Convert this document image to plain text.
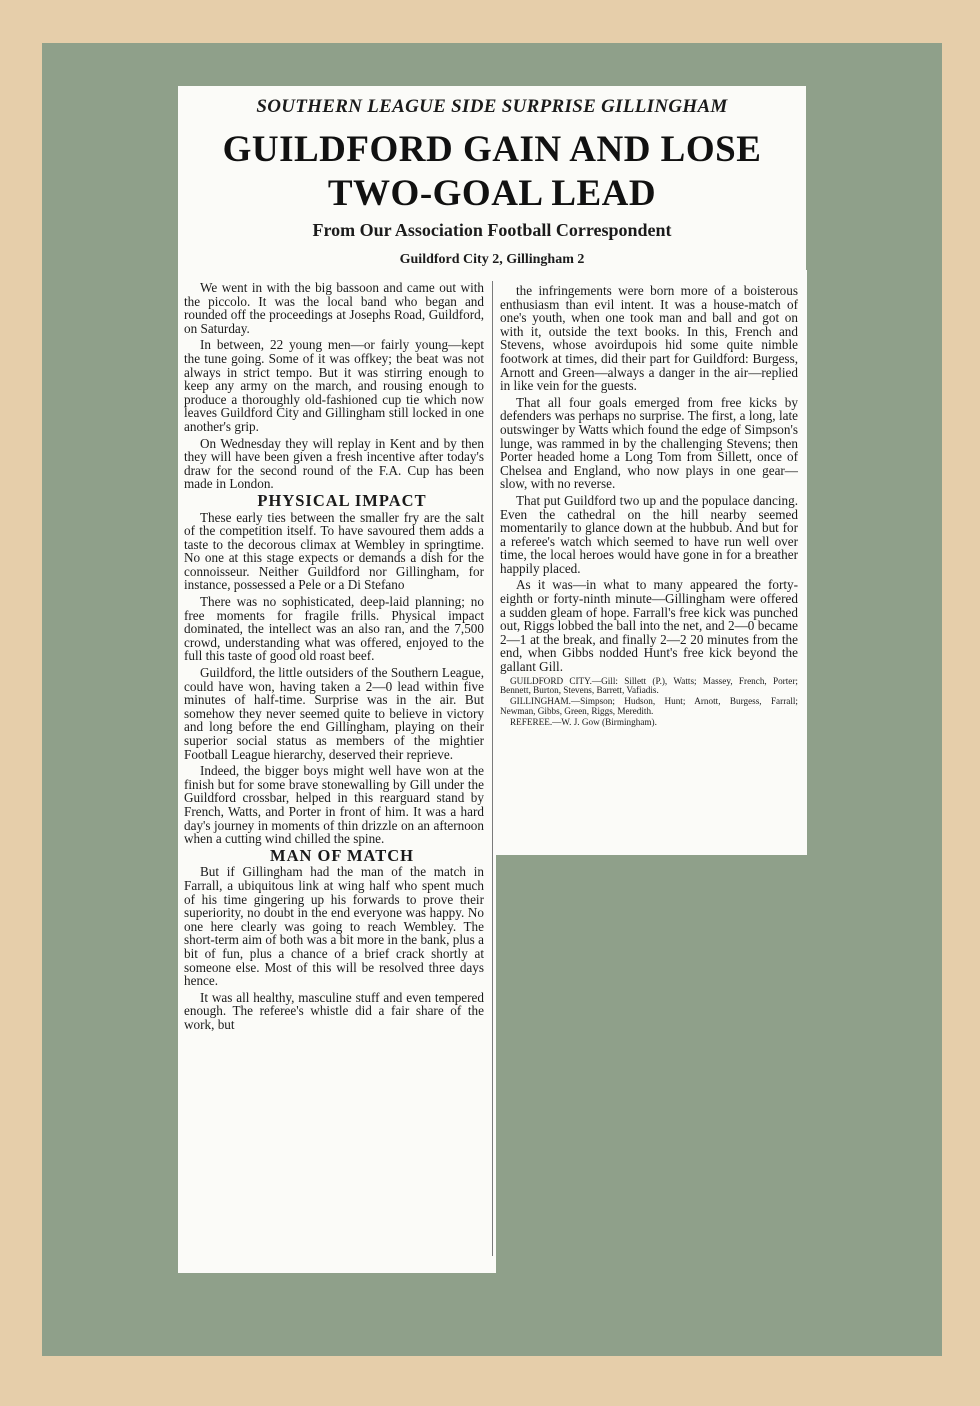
SOUTHERN LEAGUE SIDE SURPRISE GILLINGHAM
GUILDFORD GAIN AND LOSE
TWO-GOAL LEAD
From Our Association Football Correspondent
Guildford City 2, Gillingham 2

We went in with the big bassoon and came out with the piccolo. It was the local band who began and rounded off the proceedings at Josephs Road, Guildford, on Saturday.

In between, 22 young men—or fairly young—kept the tune going. Some of it was offkey; the beat was not always in strict tempo. But it was stirring enough to keep any army on the march, and rousing enough to produce a thoroughly old-fashioned cup tie which now leaves Guildford City and Gillingham still locked in one another's grip.

On Wednesday they will replay in Kent and by then they will have been given a fresh incentive after today's draw for the second round of the F.A. Cup has been made in London.

PHYSICAL IMPACT

These early ties between the smaller fry are the salt of the competition itself. To have savoured them adds a taste to the decorous climax at Wembley in springtime. No one at this stage expects or demands a dish for the connoisseur. Neither Guildford nor Gillingham, for instance, possessed a Pele or a Di Stefano

There was no sophisticated, deep-laid planning; no free moments for fragile frills. Physical impact dominated, the intellect was an also ran, and the 7,500 crowd, understanding what was offered, enjoyed to the full this taste of good old roast beef.

Guildford, the little outsiders of the Southern League, could have won, having taken a 2—0 lead within five minutes of half-time. Surprise was in the air. But somehow they never seemed quite to believe in victory and long before the end Gillingham, playing on their superior social status as members of the mightier Football League hierarchy, deserved their reprieve.

Indeed, the bigger boys might well have won at the finish but for some brave stonewalling by Gill under the Guildford crossbar, helped in this rearguard stand by French, Watts, and Porter in front of him. It was a hard day's journey in moments of thin drizzle on an afternoon when a cutting wind chilled the spine.

MAN OF MATCH

But if Gillingham had the man of the match in Farrall, a ubiquitous link at wing half who spent much of his time gingering up his forwards to prove their superiority, no doubt in the end everyone was happy. No one here clearly was going to reach Wembley. The short-term aim of both was a bit more in the bank, plus a bit of fun, plus a chance of a brief crack shortly at someone else. Most of this will be resolved three days hence.

It was all healthy, masculine stuff and even tempered enough. The referee's whistle did a fair share of the work, but

the infringements were born more of a boisterous enthusiasm than evil intent. It was a house-match of one's youth, when one took man and ball and got on with it, outside the text books. In this, French and Stevens, whose avoirdupois hid some quite nimble footwork at times, did their part for Guildford: Burgess, Arnott and Green—always a danger in the air—replied in like vein for the guests.

That all four goals emerged from free kicks by defenders was perhaps no surprise. The first, a long, late outswinger by Watts which found the edge of Simpson's lunge, was rammed in by the challenging Stevens; then Porter headed home a Long Tom from Sillett, once of Chelsea and England, who now plays in one gear—slow, with no reverse.

That put Guildford two up and the populace dancing. Even the cathedral on the hill nearby seemed momentarily to glance down at the hubbub. And but for a referee's watch which seemed to have run well over time, the local heroes would have gone in for a breather happily placed.

As it was—in what to many appeared the forty-eighth or forty-ninth minute—Gillingham were offered a sudden gleam of hope. Farrall's free kick was punched out, Riggs lobbed the ball into the net, and 2—0 became 2—1 at the break, and finally 2—2 20 minutes from the end, when Gibbs nodded Hunt's free kick beyond the gallant Gill.

GUILDFORD CITY.—Gill: Sillett (P.), Watts; Massey, French, Porter; Bennett, Burton, Stevens, Barrett, Vafiadis.

GILLINGHAM.—Simpson; Hudson, Hunt; Arnott, Burgess, Farrall; Newman, Gibbs, Green, Riggs, Meredith.

REFEREE.—W. J. Gow (Birmingham).
